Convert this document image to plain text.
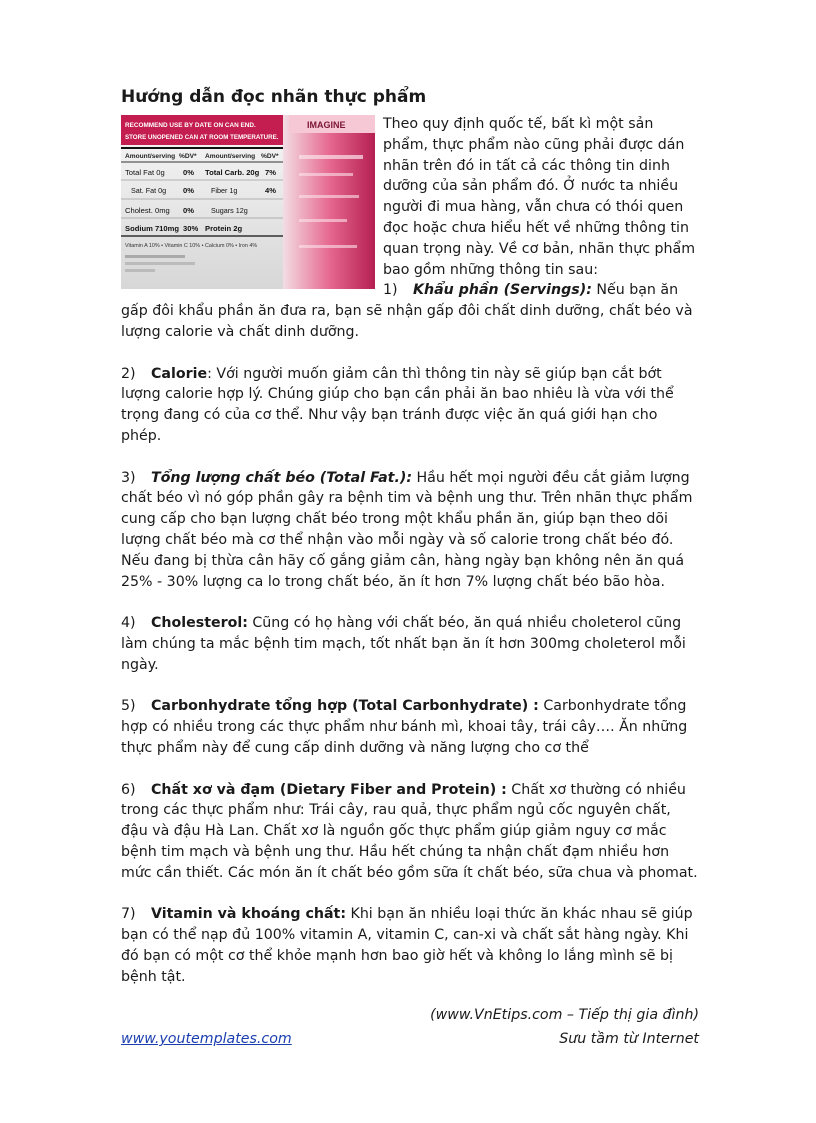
Hướng dẫn đọc nhãn thực phẩm
RECOMMEND USE BY DATE ON CAN END.
STORE UNOPENED CAN AT ROOM TEMPERATURE.
Amount/serving %DV* Amount/serving %DV*
Total Fat 0g 0% Total Carb. 20g 7%
Sat. Fat 0g 0% Fiber 1g	4%
Cholest. 0mg 0% Sugars 12g
Sodium 710mg 30% Protein 2g
Vitamin A 10% • Vitamin C 10% • Calcium 0% • Iron 4%
IMAGINE	Theo quy định quốc tế, bất kì một sản phẩm, thực phẩm nào cũng phải được dán nhãn trên đó in tất cả các thông tin dinh dưỡng của sản phẩm đó. Ở nước ta nhiều người đi mua hàng, vẫn chưa có thói quen đọc hoặc chưa hiểu hết về những thông tin quan trọng này. Về cơ bản, nhãn thực phẩm bao gồm những thông tin sau:

1) Khẩu phần (Servings): Nếu bạn ăn gấp đôi khẩu phần ăn đưa ra, bạn sẽ nhận gấp đôi chất dinh dưỡng, chất béo và lượng calorie và chất dinh dưỡng.

2) Calorie: Với người muốn giảm cân thì thông tin này sẽ giúp bạn cắt bớt lượng calorie hợp lý. Chúng giúp cho bạn cần phải ăn bao nhiêu là vừa với thể trọng đang có của cơ thể. Như vậy bạn tránh được việc ăn quá giới hạn cho phép.

3) Tổng lượng chất béo (Total Fat.): Hầu hết mọi người đều cắt giảm lượng chất béo vì nó góp phần gây ra bệnh tim và bệnh ung thư. Trên nhãn thực phẩm cung cấp cho bạn lượng chất béo trong một khẩu phần ăn, giúp bạn theo dõi lượng chất béo mà cơ thể nhận vào mỗi ngày và số calorie trong chất béo đó. Nếu đang bị thừa cân hãy cố gắng giảm cân, hàng ngày bạn không nên ăn quá 25% - 30% lượng ca lo trong chất béo, ăn ít hơn 7% lượng chất béo bão hòa.

4) Cholesterol: Cũng có họ hàng với chất béo, ăn quá nhiều choleterol cũng làm chúng ta mắc bệnh tim mạch, tốt nhất bạn ăn ít hơn 300mg choleterol mỗi ngày.

5) Carbonhydrate tổng hợp (Total Carbonhydrate) : Carbonhydrate tổng hợp có nhiều trong các thực phẩm như bánh mì, khoai tây, trái cây…. Ăn những thực phẩm này để cung cấp dinh dưỡng và năng lượng cho cơ thể

6) Chất xơ và đạm (Dietary Fiber and Protein) : Chất xơ thường có nhiều trong các thực phẩm như: Trái cây, rau quả, thực phẩm ngủ cốc nguyên chất, đậu và đậu Hà Lan. Chất xơ là nguồn gốc thực phẩm giúp giảm nguy cơ mắc bệnh tim mạch và bệnh ung thư. Hầu hết chúng ta nhận chất đạm nhiều hơn mức cần thiết. Các món ăn ít chất béo gồm sữa ít chất béo, sữa chua và phomat.

7) Vitamin và khoáng chất: Khi bạn ăn nhiều loại thức ăn khác nhau sẽ giúp bạn có thể nạp đủ 100% vitamin A, vitamin C, can-xi và chất sắt hàng ngày. Khi đó bạn có một cơ thể khỏe mạnh hơn bao giờ hết và không lo lắng mình sẽ bị bệnh tật.

(www.VnEtips.com – Tiếp thị gia đình)
www.youtemplates.com	Sưu tầm từ Internet
